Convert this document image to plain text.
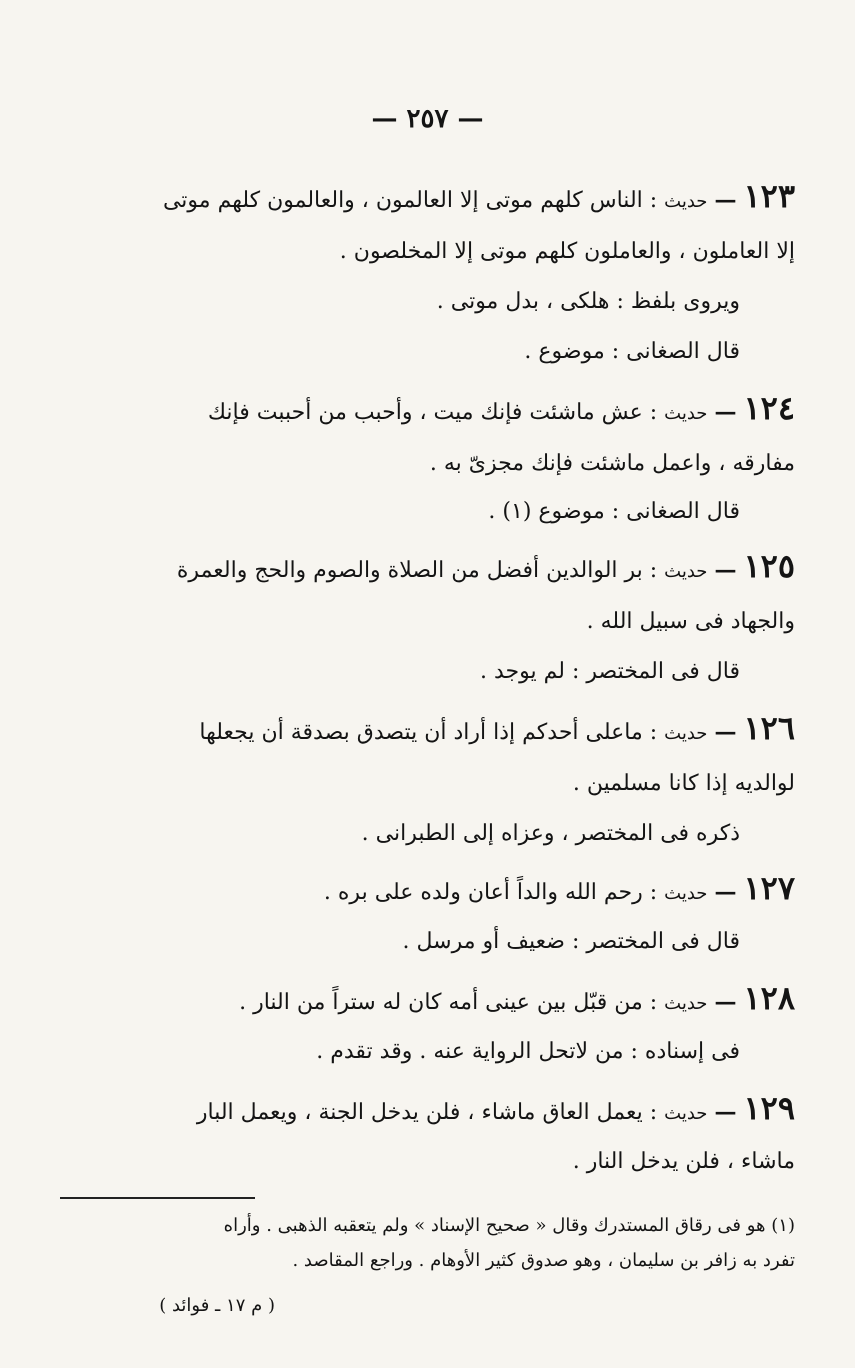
— ٢٥٧ —
١٢٣ — حديث : الناس كلهم موتى إلا العالمون ، والعالمون كلهم موتى
إلا العاملون ، والعاملون كلهم موتى إلا المخلصون .
ويروى بلفظ : هلكى ، بدل موتى .
قال الصغانى : موضوع .
١٢٤ — حديث : عش ماشئت فإنك ميت ، وأحبب من أحببت فإنك
مفارقه ، واعمل ماشئت فإنك مجزىّ به .
قال الصغانى : موضوع (١) .
١٢٥ — حديث : بر الوالدين أفضل من الصلاة والصوم والحج والعمرة
والجهاد فى سبيل الله .
قال فى المختصر : لم يوجد .
١٢٦ — حديث : ماعلى أحدكم إذا أراد أن يتصدق بصدقة أن يجعلها
لوالديه إذا كانا مسلمين .
ذكره فى المختصر ، وعزاه إلى الطبرانى .
١٢٧ — حديث : رحم الله والداً أعان ولده على بره .
قال فى المختصر : ضعيف أو مرسل .
١٢٨ — حديث : من قبّل بين عينى أمه كان له ستراً من النار .
فى إسناده : من لاتحل الرواية عنه . وقد تقدم .
١٢٩ — حديث : يعمل العاق ماشاء ، فلن يدخل الجنة ، ويعمل البار
ماشاء ، فلن يدخل النار .
(١) هو فى رقاق المستدرك وقال « صحيح الإسناد » ولم يتعقبه الذهبى . وأراه
تفرد به زافر بن سليمان ، وهو صدوق كثير الأوهام . وراجع المقاصد .
( م ١٧ ـ فوائد )
